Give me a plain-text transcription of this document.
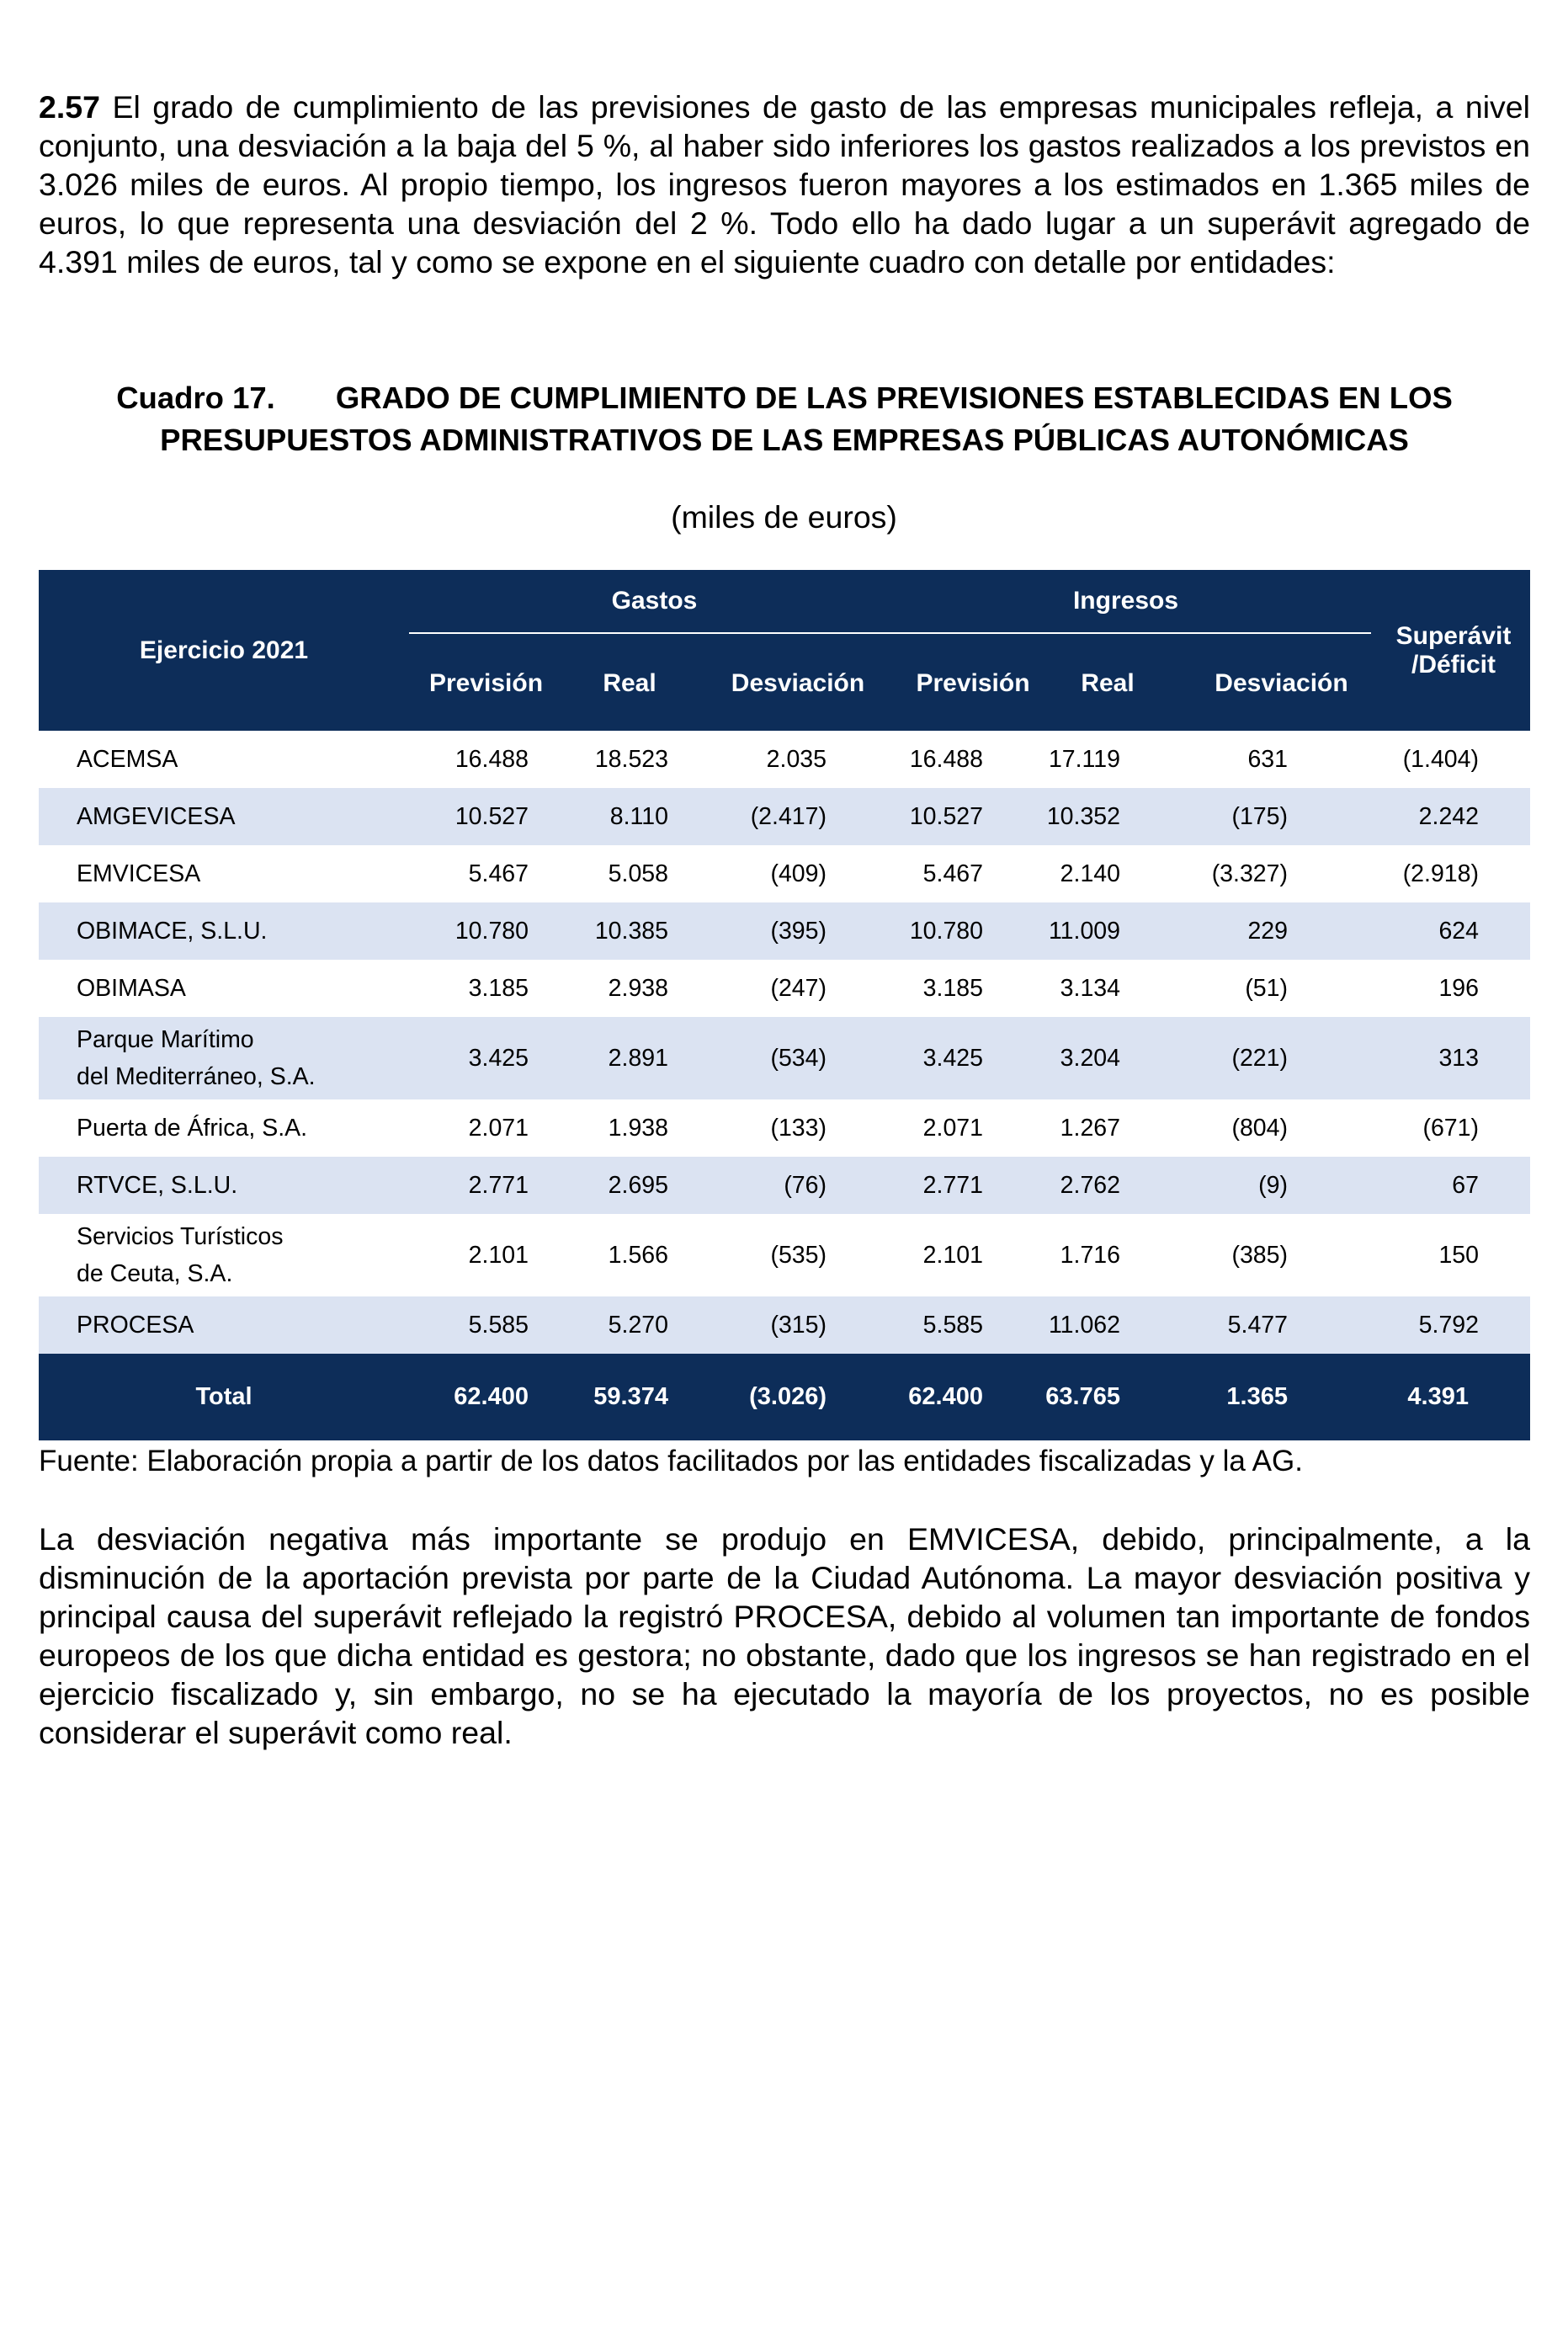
2.57 El grado de cumplimiento de las previsiones de gasto de las empresas municipales refleja, a nivel conjunto, una desviación a la baja del 5 %, al haber sido inferiores los gastos realizados a los previstos en 3.026 miles de euros. Al propio tiempo, los ingresos fueron mayores a los estimados en 1.365 miles de euros, lo que representa una desviación del 2 %. Todo ello ha dado lugar a un superávit agregado de 4.391 miles de euros, tal y como se expone en el siguiente cuadro con detalle por entidades:

Cuadro 17. GRADO DE CUMPLIMIENTO DE LAS PREVISIONES ESTABLECIDAS EN LOS
PRESUPUESTOS ADMINISTRATIVOS DE LAS EMPRESAS PÚBLICAS AUTONÓMICAS
(miles de euros)
Ejercicio 2021
Gastos	Ingresos
Superávit
/Déficit
Previsión	Real	Desviación	Previsión	Real	Desviación
ACEMSA	16.488	18.523	2.035	16.488	17.119	631	(1.404)
AMGEVICESA	10.527	8.110	(2.417)	10.527	10.352	(175)	2.242
EMVICESA	5.467	5.058	(409)	5.467	2.140	(3.327)	(2.918)
OBIMACE, S.L.U.	10.780	10.385	(395)	10.780	11.009	229	624
OBIMASA	3.185	2.938	(247)	3.185	3.134	(51)	196
Parque Marítimo
del Mediterráneo, S.A.
3.425	2.891	(534)	3.425	3.204	(221)	313
Puerta de África, S.A.	2.071	1.938	(133)	2.071	1.267	(804)	(671)
RTVCE, S.L.U.	2.771	2.695	(76)	2.771	2.762	(9)	67
Servicios Turísticos
de Ceuta, S.A.
2.101	1.566	(535)	2.101	1.716	(385)	150
PROCESA	5.585	5.270	(315)	5.585	11.062	5.477	5.792
Total	62.400	59.374	(3.026)	62.400	63.765	1.365	4.391
Fuente: Elaboración propia a partir de los datos facilitados por las entidades fiscalizadas y la AG.

La desviación negativa más importante se produjo en EMVICESA, debido, principalmente, a la disminución de la aportación prevista por parte de la Ciudad Autónoma. La mayor desviación positiva y principal causa del superávit reflejado la registró PROCESA, debido al volumen tan importante de fondos europeos de los que dicha entidad es gestora; no obstante, dado que los ingresos se han registrado en el ejercicio fiscalizado y, sin embargo, no se ha ejecutado la mayoría de los proyectos, no es posible considerar el superávit como real.
